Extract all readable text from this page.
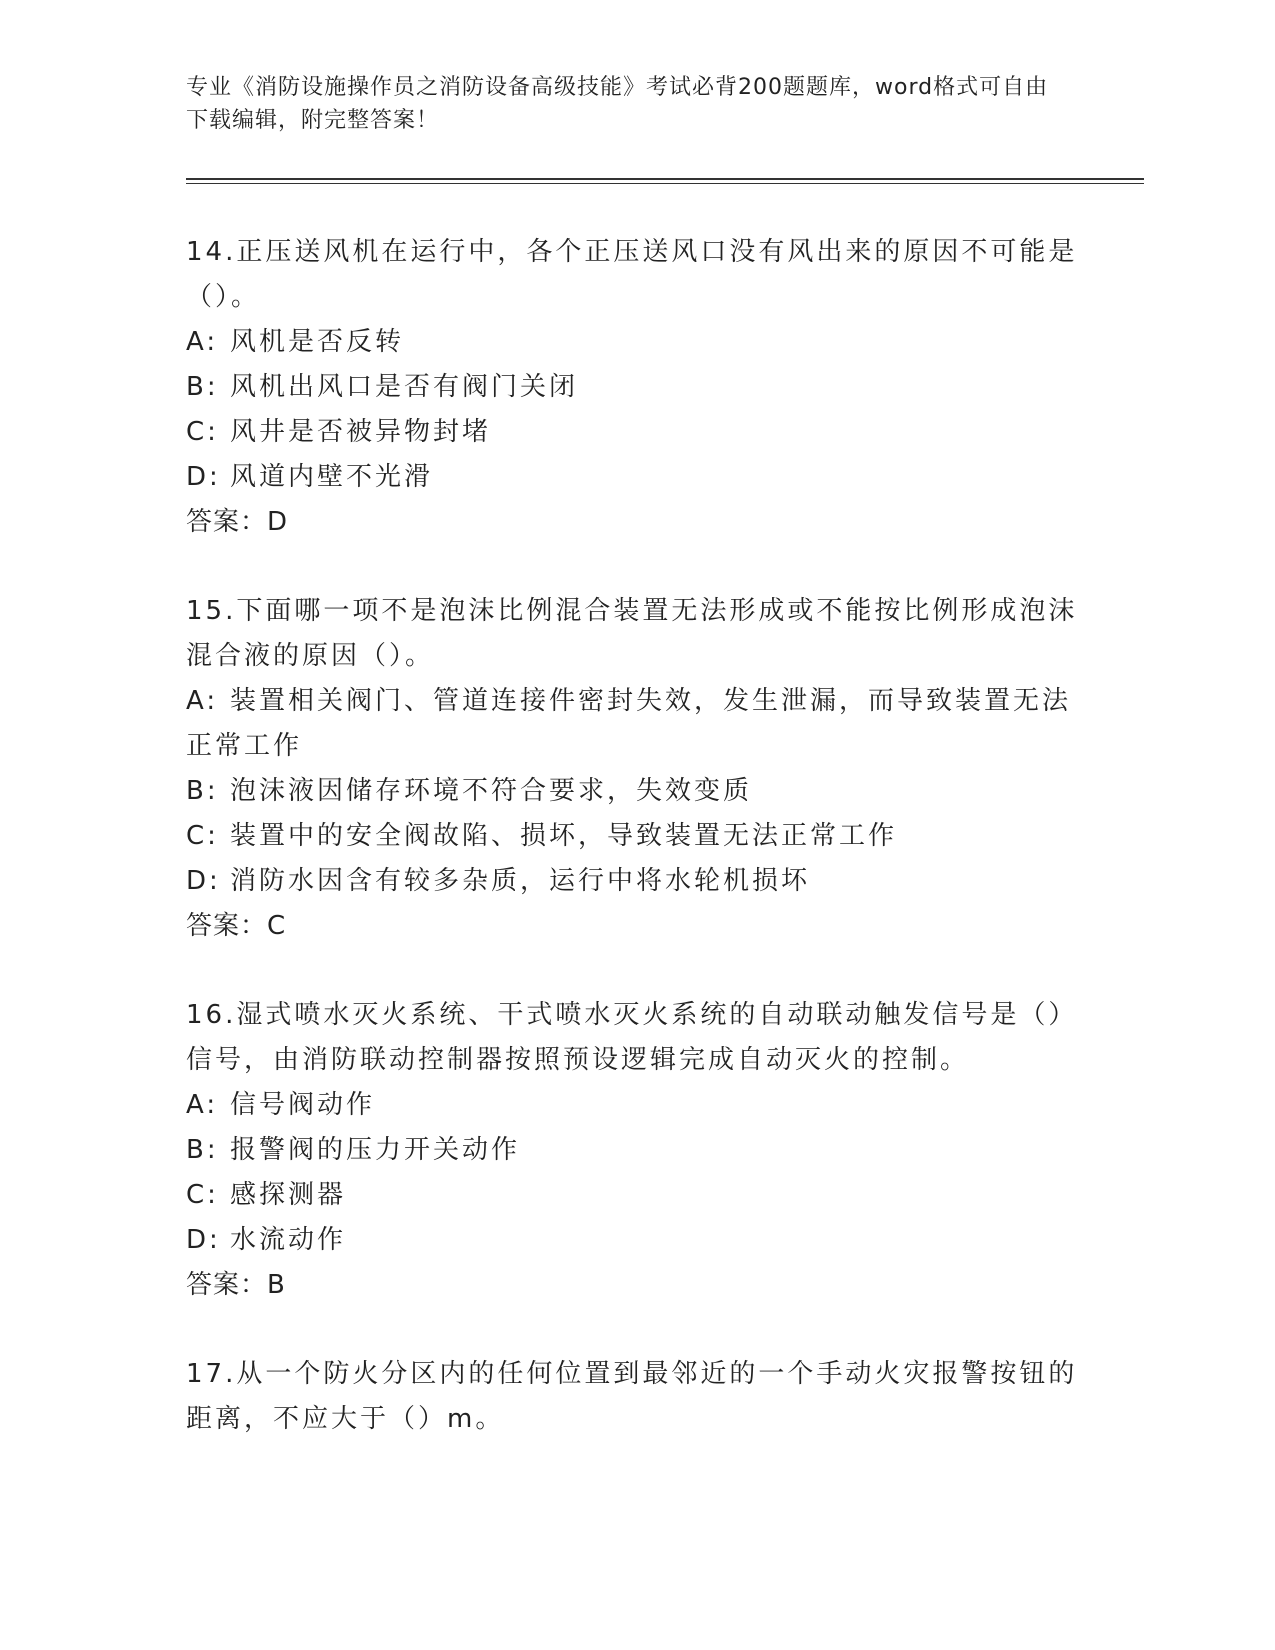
专业《消防设施操作员之消防设备高级技能》考试必背200题题库，word格式可自由下载编辑，附完整答案！
14.正压送风机在运行中，各个正压送风口没有风出来的原因不可能是（）。
A: 风机是否反转
B: 风机出风口是否有阀门关闭
C: 风井是否被异物封堵
D: 风道内壁不光滑
答案：D
15.下面哪一项不是泡沫比例混合装置无法形成或不能按比例形成泡沫混合液的原因（）。
A: 装置相关阀门、管道连接件密封失效，发生泄漏，而导致装置无法正常工作
B: 泡沫液因储存环境不符合要求，失效变质
C: 装置中的安全阀故陷、损坏，导致装置无法正常工作
D: 消防水因含有较多杂质，运行中将水轮机损坏
答案：C
16.湿式喷水灭火系统、干式喷水灭火系统的自动联动触发信号是（）信号，由消防联动控制器按照预设逻辑完成自动灭火的控制。
A: 信号阀动作
B: 报警阀的压力开关动作
C: 感探测器
D: 水流动作
答案：B
17.从一个防火分区内的任何位置到最邻近的一个手动火灾报警按钮的距离，不应大于（）m。
